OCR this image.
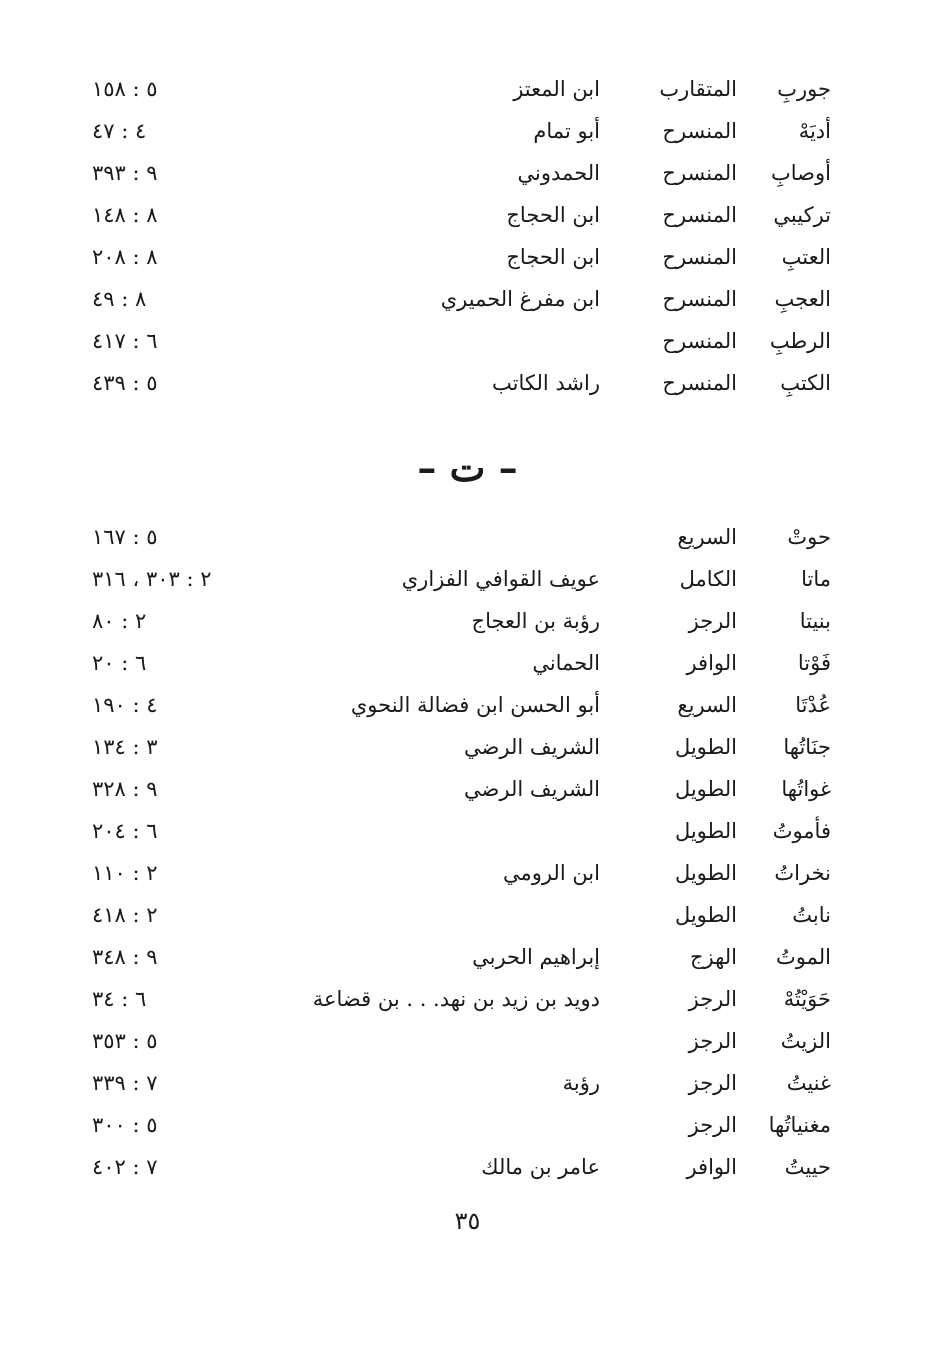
جوربِ
المتقارب
ابن المعتز
٥ : ١٥٨
أديَهْ
المنسرح
أبو تمام
٤ : ٤٧
أوصابِ
المنسرح
الحمدوني
٩ : ٣٩٣
تركيبي
المنسرح
ابن الحجاج
٨ : ١٤٨
العتبِ
المنسرح
ابن الحجاج
٨ : ٢٠٨
العجبِ
المنسرح
ابن مفرغ الحميري
٨ : ٤٩
الرطبِ
المنسرح
٦ : ٤١٧
الكتبِ
المنسرح
راشد الكاتب
٥ : ٤٣٩
– ت –
حوتْ
السريع
٥ : ١٦٧
ماتا
الكامل
عويف القوافي الفزاري
٢ : ٣٠٣ ، ٣١٦
بنيتا
الرجز
رؤبة بن العجاج
٢ : ٨٠
فَوْتا
الوافر
الحماني
٦ : ٢٠
عُدْتَا
السريع
أبو الحسن ابن فضالة النحوي
٤ : ١٩٠
جنَاتُها
الطويل
الشريف الرضي
٣ : ١٣٤
غواتُها
الطويل
الشريف الرضي
٩ : ٣٢٨
فأموتُ
الطويل
٦ : ٢٠٤
نخراتُ
الطويل
ابن الرومي
٢ : ١١٠
نابتُ
الطويل
٢ : ٤١٨
الموتُ
الهزج
إبراهيم الحربي
٩ : ٣٤٨
حَوَيْتُهْ
الرجز
دويد بن زيد بن نهد. . . بن قضاعة
٦ : ٣٤
الزيتُ
الرجز
٥ : ٣٥٣
غنيتُ
الرجز
رؤبة
٧ : ٣٣٩
مغنياتُها
الرجز
٥ : ٣٠٠
حييتُ
الوافر
عامر بن مالك
٧ : ٤٠٢
٣٥
